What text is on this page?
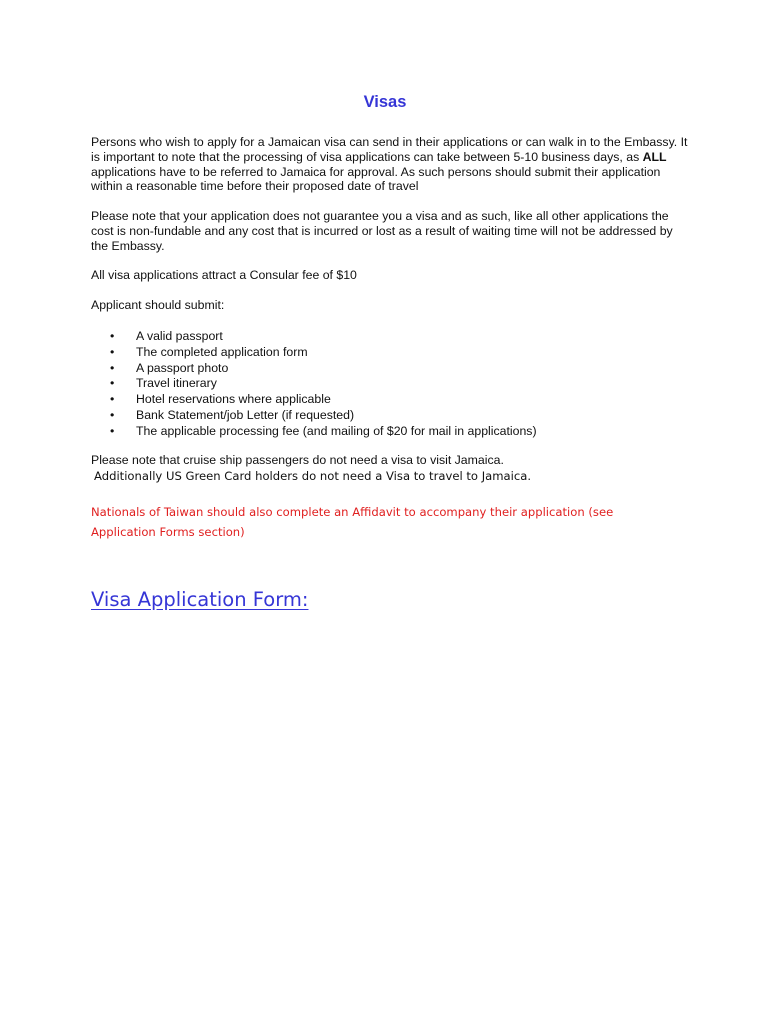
Visas

Persons who wish to apply for a Jamaican visa can send in their applications or can walk in to the Embassy. It is important to note that the processing of visa applications can take between 5-10 business days, as ALL applications have to be referred to Jamaica for approval. As such persons should submit their application within a reasonable time before their proposed date of travel

Please note that your application does not guarantee you a visa and as such, like all other applications the cost is non-fundable and any cost that is incurred or lost as a result of waiting time will not be addressed by the Embassy.

All visa applications attract a Consular fee of $10

Applicant should submit:

• A valid passport
• The completed application form
• A passport photo
• Travel itinerary
• Hotel reservations where applicable
• Bank Statement/job Letter (if requested)
• The applicable processing fee (and mailing of $20 for mail in applications)

Please note that cruise ship passengers do not need a visa to visit Jamaica.

Additionally US Green Card holders do not need a Visa to travel to Jamaica.

Nationals of Taiwan should also complete an Affidavit to accompany their application (see Application Forms section)

Visa Application Form:
